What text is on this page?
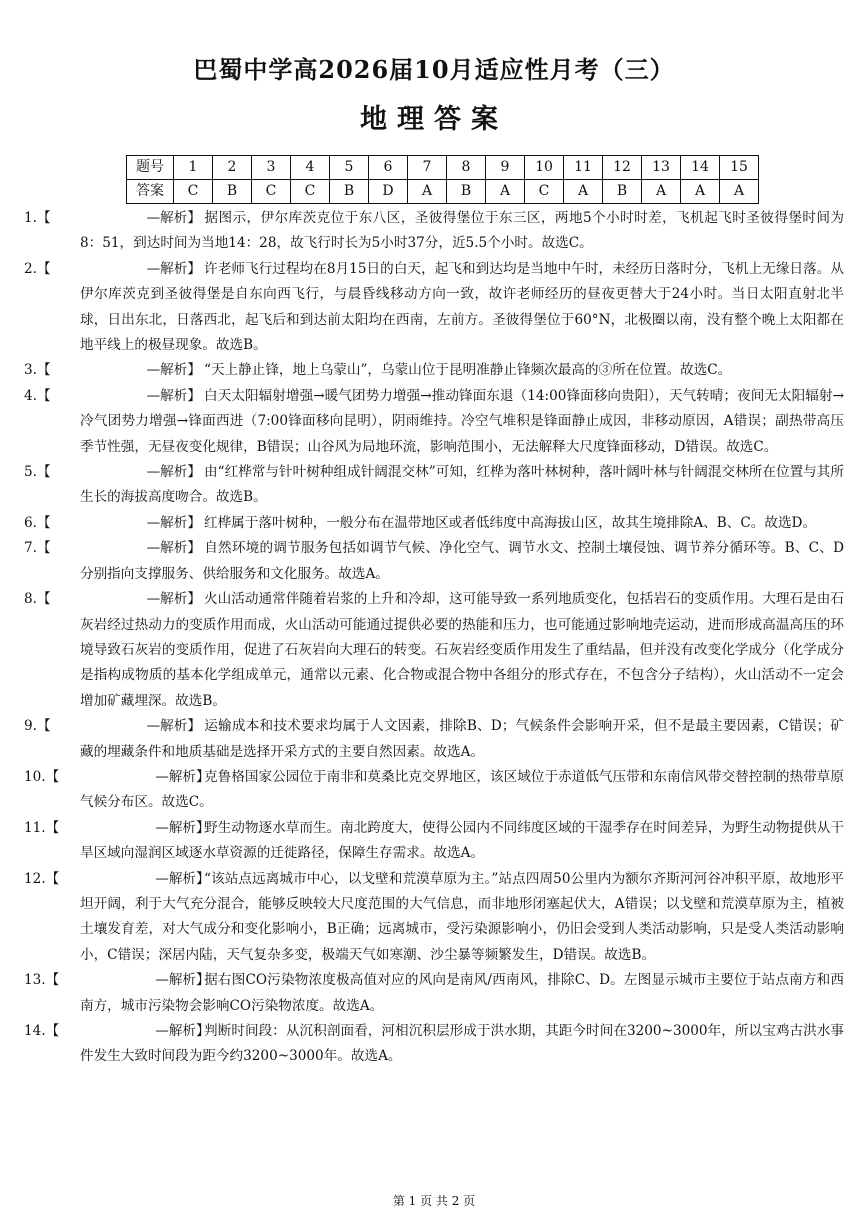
巴蜀中学高2026届10月适应性月考（三）
地理答案
题号	1	2	3	4	5	6	7	8	9	10	11	12	13	14	15
答案	C	B	C	C	B	D	A	B	A	C	A	B	A	A	A
1.【	—解析】 据图示，伊尔库茨克位于东八区，圣彼得堡位于东三区，两地5个小时时差，飞机起飞时圣彼得堡时间为8：51，到达时间为当地14：28，故飞行时长为5小时37分，近5.5个小时。故选C。

2.【	—解析】 许老师飞行过程均在8月15日的白天，起飞和到达均是当地中午时，未经历日落时分，飞机上无缘日落。从伊尔库茨克到圣彼得堡是自东向西飞行，与晨昏线移动方向一致，故许老师经历的昼夜更替大于24小时。当日太阳直射北半球，日出东北，日落西北，起飞后和到达前太阳均在西南，左前方。圣彼得堡位于60°N，北极圈以南，没有整个晚上太阳都在地平线上的极昼现象。故选B。

3.【	—解析】 “天上静止锋，地上乌蒙山”，乌蒙山位于昆明准静止锋频次最高的③所在位置。故选C。

4.【	—解析】 白天太阳辐射增强→暖气团势力增强→推动锋面东退（14:00锋面移向贵阳），天气转晴；夜间无太阳辐射→冷气团势力增强→锋面西进（7:00锋面移向昆明），阴雨维持。冷空气堆积是锋面静止成因，非移动原因，A错误；副热带高压季节性强，无昼夜变化规律，B错误；山谷风为局地环流，影响范围小，无法解释大尺度锋面移动，D错误。故选C。

5.【	—解析】 由“红桦常与针叶树种组成针阔混交林”可知，红桦为落叶林树种，落叶阔叶林与针阔混交林所在位置与其所生长的海拔高度吻合。故选B。

6.【	—解析】 红桦属于落叶树种，一般分布在温带地区或者低纬度中高海拔山区，故其生境排除A、B、C。故选D。

7.【	—解析】 自然环境的调节服务包括如调节气候、净化空气、调节水文、控制土壤侵蚀、调节养分循环等。B、C、D分别指向支撑服务、供给服务和文化服务。故选A。

8.【	—解析】 火山活动通常伴随着岩浆的上升和冷却，这可能导致一系列地质变化，包括岩石的变质作用。大理石是由石灰岩经过热动力的变质作用而成，火山活动可能通过提供必要的热能和压力，也可能通过影响地壳运动，进而形成高温高压的环境导致石灰岩的变质作用，促进了石灰岩向大理石的转变。石灰岩经变质作用发生了重结晶，但并没有改变化学成分（化学成分是指构成物质的基本化学组成单元，通常以元素、化合物或混合物中各组分的形式存在，不包含分子结构），火山活动不一定会增加矿藏埋深。故选B。

9.【	—解析】 运输成本和技术要求均属于人文因素，排除B、D；气候条件会影响开采，但不是最主要因素，C错误；矿藏的埋藏条件和地质基础是选择开采方式的主要自然因素。故选A。

10.【	—解析】

克鲁格国家公园位于南非和莫桑比克交界地区，该区域位于赤道低气压带和东南信风带交替控制的热带草原气候分布区。故选C。

11.【	—解析】

野生动物逐水草而生。南北跨度大，使得公园内不同纬度区域的干湿季存在时间差异，为野生动物提供从干旱区域向湿润区域逐水草资源的迁徙路径，保障生存需求。故选A。

12.【	—解析】

“该站点远离城市中心，以戈壁和荒漠草原为主。”站点四周50公里内为额尔齐斯河河谷冲积平原，故地形平坦开阔，利于大气充分混合，能够反映较大尺度范围的大气信息，而非地形闭塞起伏大，A错误；以戈壁和荒漠草原为主，植被土壤发育差，对大气成分和变化影响小，B正确；远离城市，受污染源影响小，仍旧会受到人类活动影响，只是受人类活动影响小，C错误；深居内陆，天气复杂多变，极端天气如寒潮、沙尘暴等频繁发生，D错误。故选B。

13.【	—解析】

据右图CO污染物浓度极高值对应的风向是南风/西南风，排除C、D。左图显示城市主要位于站点南方和西南方，城市污染物会影响CO污染物浓度。故选A。

14.【	—解析】

判断时间段：从沉积剖面看，河相沉积层形成于洪水期，其距今时间在3200~3000年，所以宝鸡古洪水事件发生大致时间段为距今约3200~3000年。故选A。

第 1 页 共 2 页
